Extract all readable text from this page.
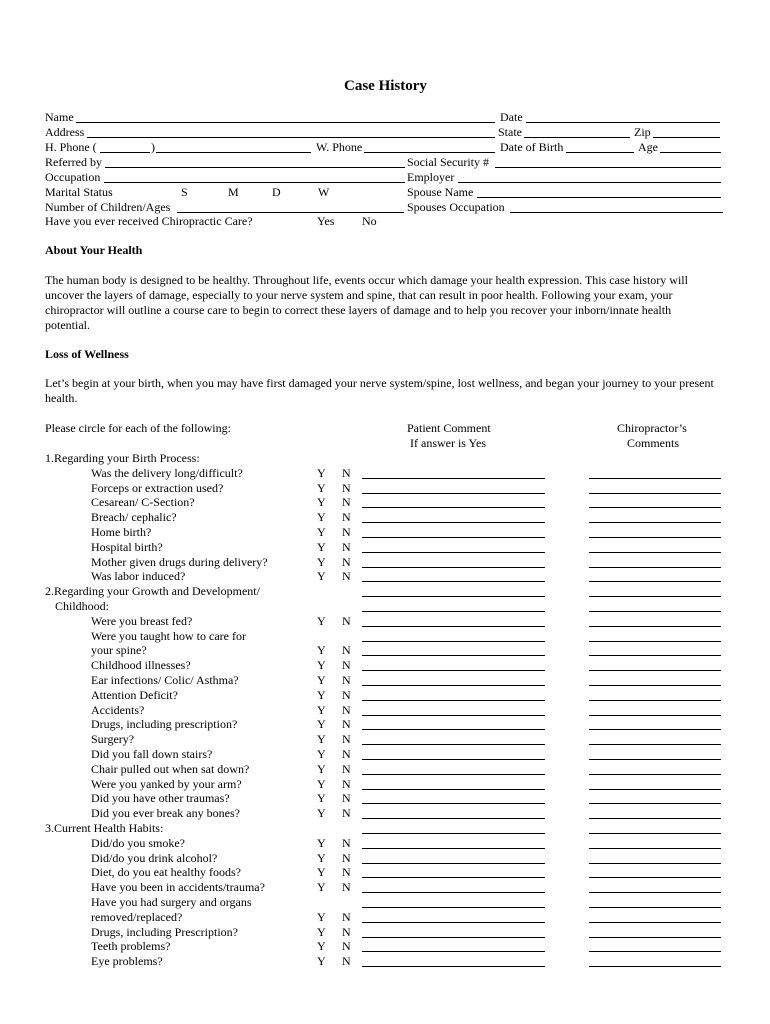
Case History
Name	Date
Address	State	Zip
H. Phone (	)	W. Phone	Date of Birth	Age
Referred by	Social Security #
Occupation	Employer
Marital Status	S	M	D	W	Spouse Name
Number of Children/Ages	Spouses Occupation
Have you ever received Chiropractic Care?	Yes No
About Your Health
The human body is designed to be healthy. Throughout life, events occur which damage your health expression. This case history will uncover the layers of damage, especially to your nerve system and spine, that can result in poor health. Following your exam, your chiropractor will outline a course care to begin to correct these layers of damage and to help you recover your inborn/innate health potential.
Loss of Wellness
Let’s begin at your birth, when you may have first damaged your nerve system/spine, lost wellness, and began your journey to your present health.
Please circle for each of the following:	Patient Comment
If answer is Yes
Chiropractor’s
Comments
1.Regarding your Birth Process:
Was the delivery long/difficult?	Y N
Forceps or extraction used?	Y N
Cesarean/ C-Section?	Y N
Breach/ cephalic?	Y N
Home birth?	Y N
Hospital birth?	Y N
Mother given drugs during delivery?	Y N
Was labor induced?	Y N
2.Regarding your Growth and Development/
Childhood:
Were you breast fed?	Y N
Were you taught how to care for
your spine?	Y N
Childhood illnesses?	Y N
Ear infections/ Colic/ Asthma?	Y N
Attention Deficit?	Y N
Accidents?	Y N
Drugs, including prescription?	Y N
Surgery?	Y N
Did you fall down stairs?	Y N
Chair pulled out when sat down?	Y N
Were you yanked by your arm?	Y N
Did you have other traumas?	Y N
Did you ever break any bones?	Y N
3.Current Health Habits:
Did/do you smoke?	Y N
Did/do you drink alcohol?	Y N
Diet, do you eat healthy foods?	Y N
Have you been in accidents/trauma?	Y N
Have you had surgery and organs
removed/replaced?	Y N
Drugs, including Prescription?	Y N
Teeth problems?	Y N
Eye problems?	Y N
